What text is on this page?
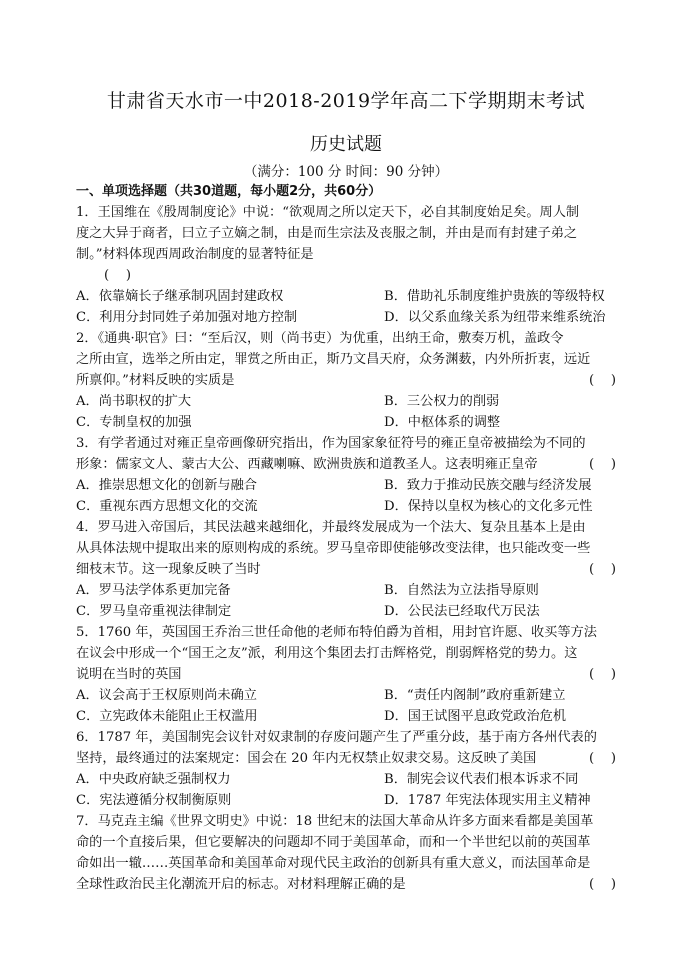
甘肃省天水市一中2018-2019学年高二下学期期末考试
历史试题
（满分：100 分 时间：90 分钟）
一、单项选择题（共30道题，每小题2分，共60分）
1．王国维在《殷周制度论》中说：“欲观周之所以定天下，必自其制度始足矣。周人制
度之大异于商者，曰立子立嫡之制，由是而生宗法及丧服之制，并由是而有封建子弟之
制。”材料体现西周政治制度的显著特征是
(    )
A．依靠嫡长子继承制巩固封建政权	B．借助礼乐制度维护贵族的等级特权
C．利用分封同姓子弟加强对地方控制	D．以父系血缘关系为纽带来维系统治
2．《通典·职官》曰：“至后汉，则（尚书吏）为优重，出纳王命，敷奏万机，盖政令
之所由宣，选举之所由定，罪赏之所由正，斯乃文昌天府，众务渊薮，内外所折衷，远近
所禀仰。”材料反映的实质是	(    )
A．尚书职权的扩大	B．三公权力的削弱
C．专制皇权的加强	D．中枢体系的调整
3．有学者通过对雍正皇帝画像研究指出，作为国家象征符号的雍正皇帝被描绘为不同的
形象：儒家文人、蒙古大公、西藏喇嘛、欧洲贵族和道教圣人。这表明雍正皇帝	(    )
A．推崇思想文化的创新与融合	B．致力于推动民族交融与经济发展
C．重视东西方思想文化的交流	D．保持以皇权为核心的文化多元性
4．罗马进入帝国后，其民法越来越细化，并最终发展成为一个法大、复杂且基本上是由
从具体法规中提取出来的原则构成的系统。罗马皇帝即使能够改变法律，也只能改变一些
细枝末节。这一现象反映了当时	(    )
A．罗马法学体系更加完备	B．自然法为立法指导原则
C．罗马皇帝重视法律制定	D．公民法已经取代万民法
5．1760 年，英国国王乔治三世任命他的老师布特伯爵为首相，用封官许愿、收买等方法
在议会中形成一个“国王之友”派，利用这个集团去打击辉格党，削弱辉格党的势力。这
说明在当时的英国	(    )
A．议会高于王权原则尚未确立	B．“责任内阁制”政府重新建立
C．立宪政体未能阻止王权滥用	D．国王试图平息政党政治危机
6．1787 年，美国制宪会议针对奴隶制的存废问题产生了严重分歧，基于南方各州代表的
坚持，最终通过的法案规定：国会在 20 年内无权禁止奴隶交易。这反映了美国	(    )
A．中央政府缺乏强制权力	B．制宪会议代表们根本诉求不同
C．宪法遵循分权制衡原则	D．1787 年宪法体现实用主义精神
7．马克垚主编《世界文明史》中说：18 世纪末的法国大革命从许多方面来看都是美国革
命的一个直接后果，但它要解决的问题却不同于美国革命，而和一个半世纪以前的英国革
命如出一辙……英国革命和美国革命对现代民主政治的创新具有重大意义，而法国革命是
全球性政治民主化潮流开启的标志。对材料理解正确的是	(    )
